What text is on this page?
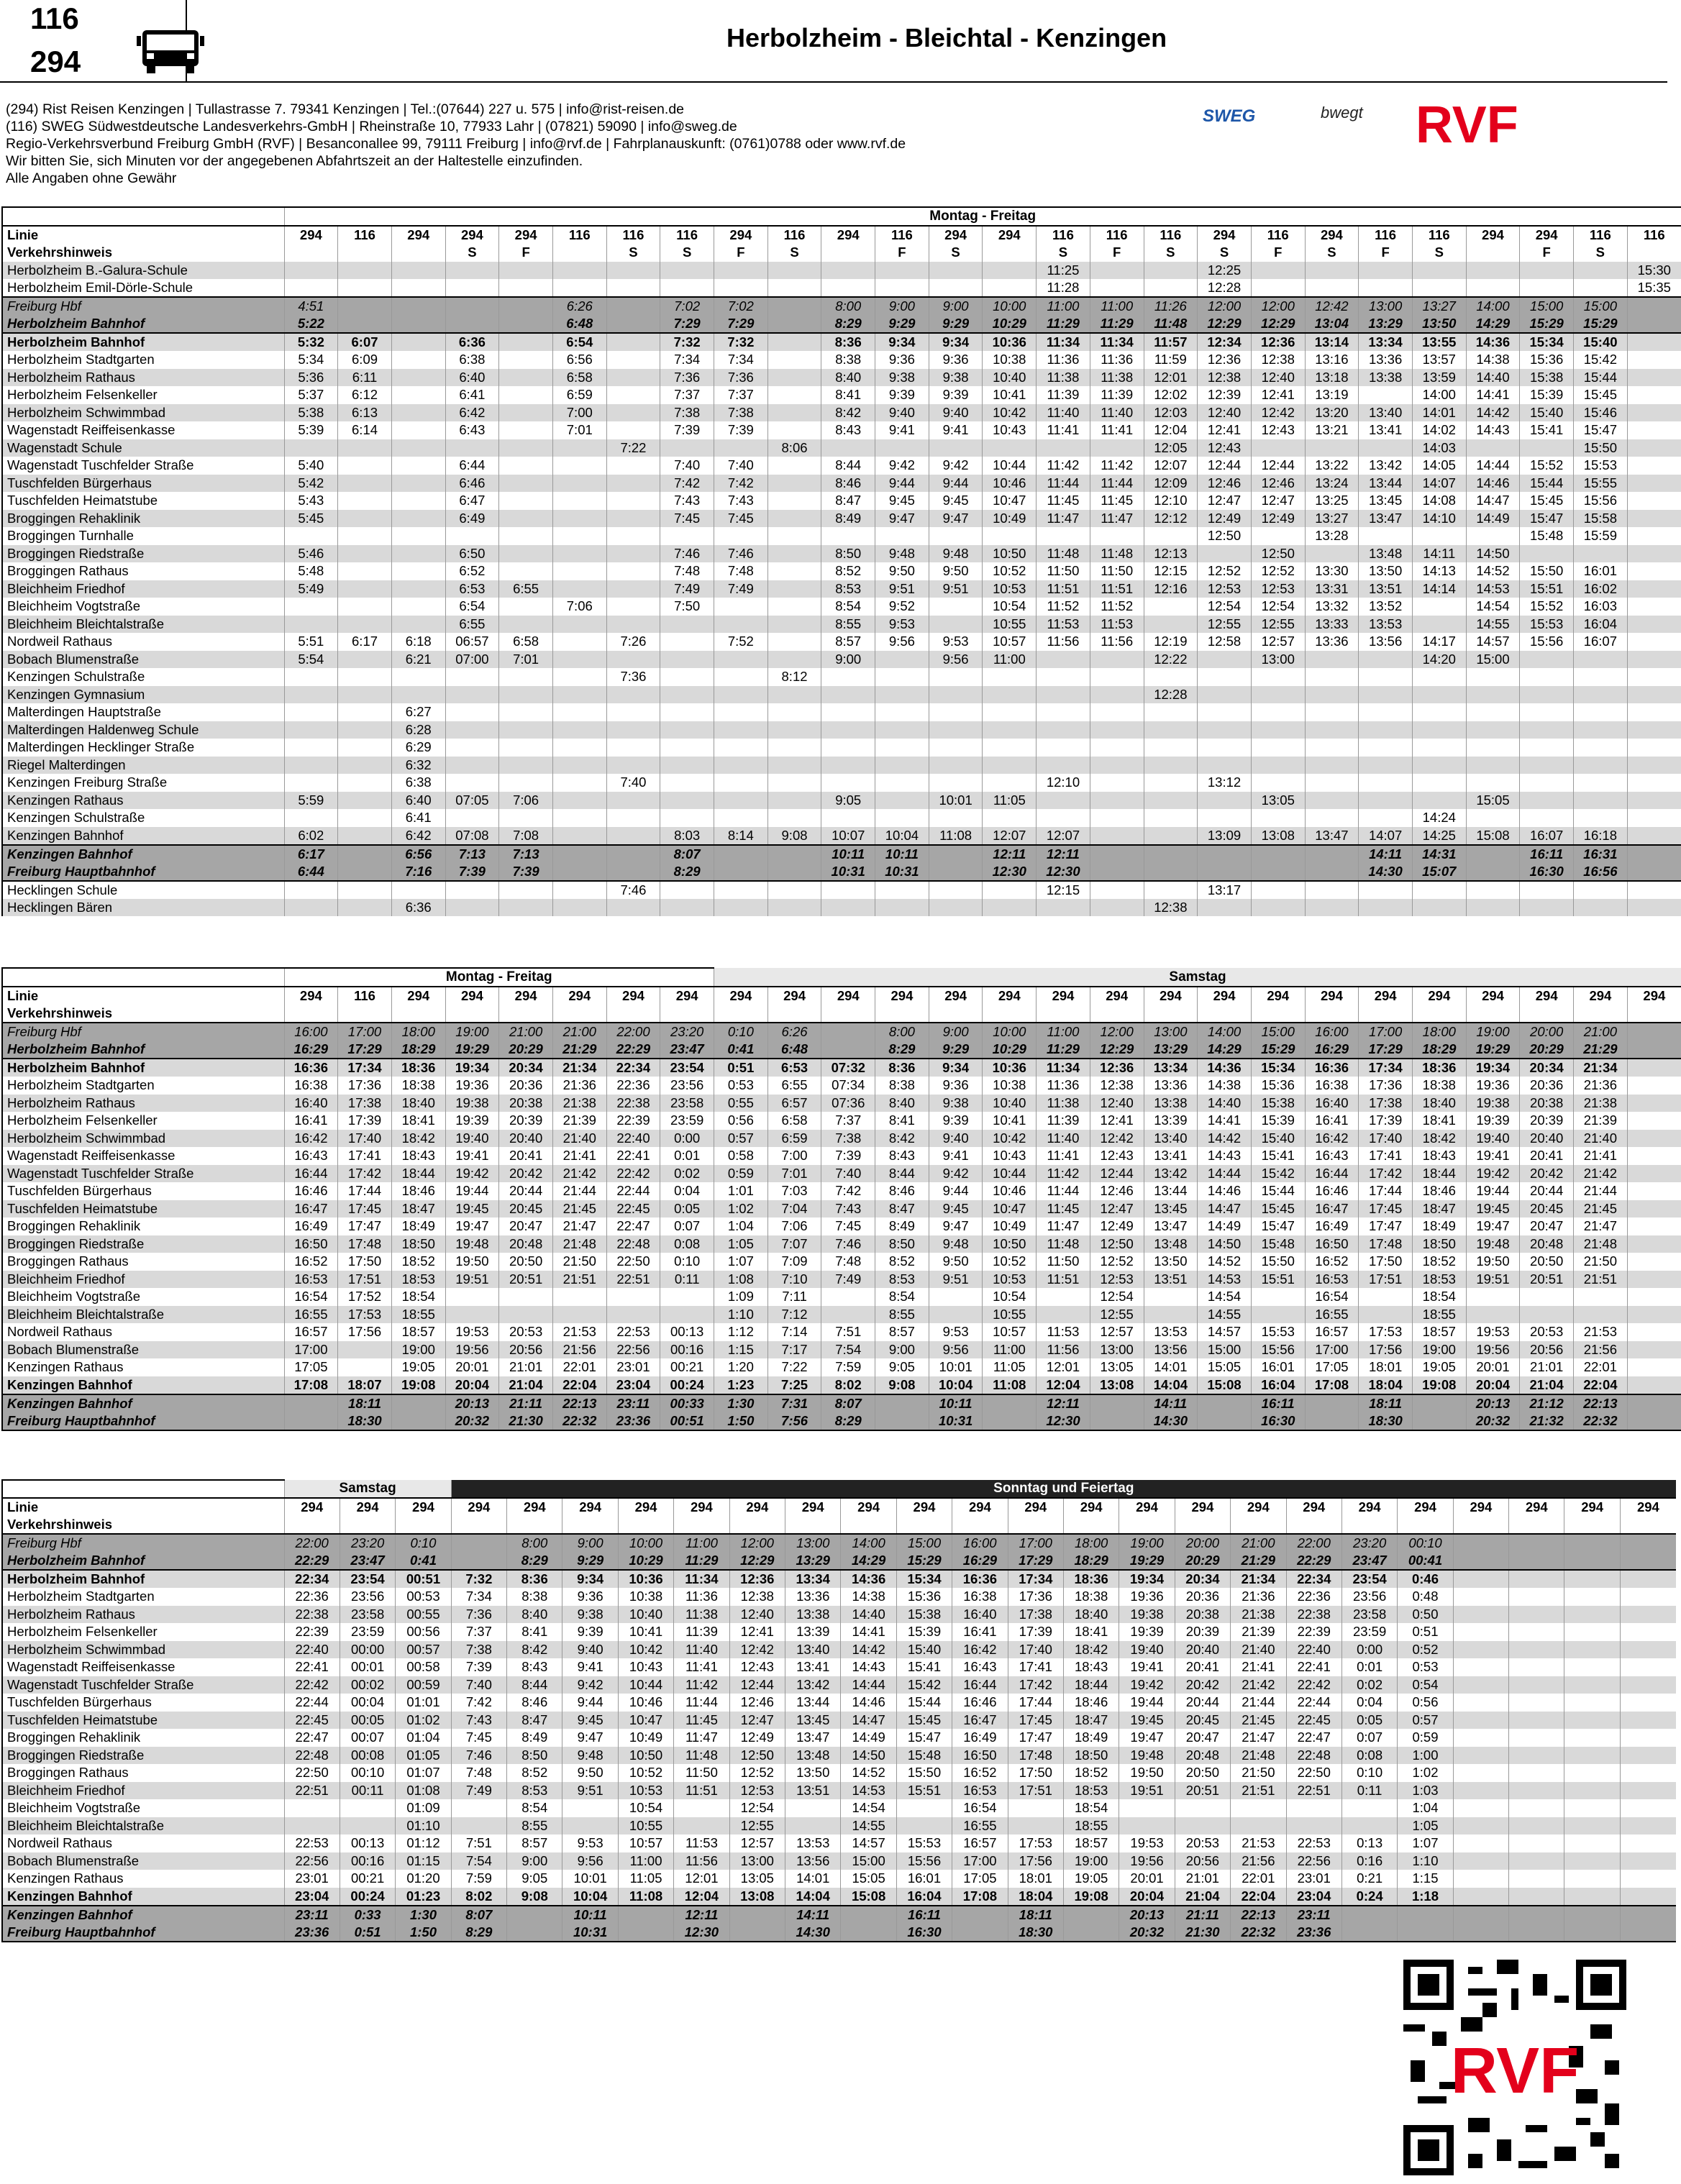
116
294
Herbolzheim - Bleichtal - Kenzingen
(294) Rist Reisen Kenzingen | Tullastrasse 7. 79341 Kenzingen | Tel.:(07644) 227 u. 575 | info@rist-reisen.de
(116) SWEG Südwestdeutsche Landesverkehrs-GmbH | Rheinstraße 10, 77933 Lahr | (07821) 59090 | info@sweg.de
Regio-Verkehrsverbund Freiburg GmbH (RVF) | Besanconallee 99, 79111 Freiburg | info@rvf.de | Fahrplanauskunft: (0761)0788 oder www.rvf.de
Wir bitten Sie, sich Minuten vor der angegebenen Abfahrtszeit an der Haltestelle einzufinden.
Alle Angaben ohne Gewähr
SWEG	bwegt RVF
	Montag - Freitag																									
Linie	294	116	294	294	294	116	116	116	294	116	294	116	294	294	116	116	116	294	116	294	116	116	294	294	116	116
Verkehrshinweis				S	F		S	S	F	S		F	S		S	F	S	S	F	S	F	S		F	S	
Herbolzheim B.-Galura-Schule																11:25			12:25								15:30
Herbolzheim Emil-Dörle-Schule																11:28			12:28								15:35
Freiburg Hbf		4:51					6:26		7:02	7:02		8:00	9:00	9:00	10:00	11:00	11:00	11:26	12:00	12:00	12:42	13:00	13:27	14:00	15:00	15:00	
Herbolzheim Bahnhof		5:22					6:48		7:29	7:29		8:29	9:29	9:29	10:29	11:29	11:29	11:48	12:29	12:29	13:04	13:29	13:50	14:29	15:29	15:29	
Herbolzheim Bahnhof		5:32	6:07		6:36		6:54		7:32	7:32		8:36	9:34	9:34	10:36	11:34	11:34	11:57	12:34	12:36	13:14	13:34	13:55	14:36	15:34	15:40	
Herbolzheim Stadtgarten		5:34	6:09		6:38		6:56		7:34	7:34		8:38	9:36	9:36	10:38	11:36	11:36	11:59	12:36	12:38	13:16	13:36	13:57	14:38	15:36	15:42	
Herbolzheim Rathaus		5:36	6:11		6:40		6:58		7:36	7:36		8:40	9:38	9:38	10:40	11:38	11:38	12:01	12:38	12:40	13:18	13:38	13:59	14:40	15:38	15:44	
Herbolzheim Felsenkeller		5:37	6:12		6:41		6:59		7:37	7:37		8:41	9:39	9:39	10:41	11:39	11:39	12:02	12:39	12:41	13:19		14:00	14:41	15:39	15:45	
Herbolzheim Schwimmbad		5:38	6:13		6:42		7:00		7:38	7:38		8:42	9:40	9:40	10:42	11:40	11:40	12:03	12:40	12:42	13:20	13:40	14:01	14:42	15:40	15:46	
Wagenstadt Reiffeisenkasse		5:39	6:14		6:43		7:01		7:39	7:39		8:43	9:41	9:41	10:43	11:41	11:41	12:04	12:41	12:43	13:21	13:41	14:02	14:43	15:41	15:47	
Wagenstadt Schule								7:22			8:06							12:05	12:43				14:03			15:50	
Wagenstadt Tuschfelder Straße		5:40			6:44				7:40	7:40		8:44	9:42	9:42	10:44	11:42	11:42	12:07	12:44	12:44	13:22	13:42	14:05	14:44	15:52	15:53	
Tuschfelden Bürgerhaus		5:42			6:46				7:42	7:42		8:46	9:44	9:44	10:46	11:44	11:44	12:09	12:46	12:46	13:24	13:44	14:07	14:46	15:44	15:55	
Tuschfelden Heimatstube		5:43			6:47				7:43	7:43		8:47	9:45	9:45	10:47	11:45	11:45	12:10	12:47	12:47	13:25	13:45	14:08	14:47	15:45	15:56	
Broggingen Rehaklinik		5:45			6:49				7:45	7:45		8:49	9:47	9:47	10:49	11:47	11:47	12:12	12:49	12:49	13:27	13:47	14:10	14:49	15:47	15:58	
Broggingen Turnhalle																			12:50		13:28				15:48	15:59	
Broggingen Riedstraße		5:46			6:50				7:46	7:46		8:50	9:48	9:48	10:50	11:48	11:48	12:13		12:50		13:48	14:11	14:50			
Broggingen Rathaus		5:48			6:52				7:48	7:48		8:52	9:50	9:50	10:52	11:50	11:50	12:15	12:52	12:52	13:30	13:50	14:13	14:52	15:50	16:01	
Bleichheim Friedhof		5:49			6:53	6:55			7:49	7:49		8:53	9:51	9:51	10:53	11:51	11:51	12:16	12:53	12:53	13:31	13:51	14:14	14:53	15:51	16:02	
Bleichheim Vogtstraße					6:54		7:06		7:50			8:54	9:52		10:54	11:52	11:52		12:54	12:54	13:32	13:52		14:54	15:52	16:03	
Bleichheim Bleichtalstraße					6:55							8:55	9:53		10:55	11:53	11:53		12:55	12:55	13:33	13:53		14:55	15:53	16:04	
Nordweil Rathaus		5:51	6:17	6:18	06:57	6:58		7:26		7:52		8:57	9:56	9:53	10:57	11:56	11:56	12:19	12:58	12:57	13:36	13:56	14:17	14:57	15:56	16:07	
Bobach Blumenstraße		5:54		6:21	07:00	7:01						9:00		9:56	11:00			12:22		13:00			14:20	15:00			
Kenzingen Schulstraße								7:36			8:12																
Kenzingen Gymnasium																		12:28									
Malterdingen Hauptstraße				6:27																							
Malterdingen Haldenweg Schule				6:28																							
Malterdingen Hecklinger Straße				6:29																							
Riegel Malterdingen				6:32																							
Kenzingen Freiburg Straße				6:38				7:40								12:10			13:12								
Kenzingen Rathaus		5:59		6:40	07:05	7:06						9:05		10:01	11:05					13:05				15:05			
Kenzingen Schulstraße				6:41																			14:24				
Kenzingen Bahnhof		6:02		6:42	07:08	7:08			8:03	8:14	9:08	10:07	10:04	11:08	12:07	12:07			13:09	13:08	13:47	14:07	14:25	15:08	16:07	16:18	
Kenzingen Bahnhof		6:17		6:56	7:13	7:13			8:07			10:11	10:11		12:11	12:11						14:11	14:31		16:11	16:31	
Freiburg Hauptbahnhof		6:44		7:16	7:39	7:39			8:29			10:31	10:31		12:30	12:30						14:30	15:07		16:30	16:56	
Hecklingen Schule								7:46								12:15			13:17								
Hecklingen Bären				6:36														12:38									
	Montag - Freitag								Samstag																	
Linie	294	116	294	294	294	294	294	294	294	294	294	294	294	294	294	294	294	294	294	294	294	294	294	294	294	294
Verkehrshinweis																										
Freiburg Hbf		16:00	17:00	18:00	19:00	21:00	21:00	22:00	23:20	0:10	6:26		8:00	9:00	10:00	11:00	12:00	13:00	14:00	15:00	16:00	17:00	18:00	19:00	20:00	21:00	
Herbolzheim Bahnhof		16:29	17:29	18:29	19:29	20:29	21:29	22:29	23:47	0:41	6:48		8:29	9:29	10:29	11:29	12:29	13:29	14:29	15:29	16:29	17:29	18:29	19:29	20:29	21:29	
Herbolzheim Bahnhof		16:36	17:34	18:36	19:34	20:34	21:34	22:34	23:54	0:51	6:53	07:32	8:36	9:34	10:36	11:34	12:36	13:34	14:36	15:34	16:36	17:34	18:36	19:34	20:34	21:34	
Herbolzheim Stadtgarten		16:38	17:36	18:38	19:36	20:36	21:36	22:36	23:56	0:53	6:55	07:34	8:38	9:36	10:38	11:36	12:38	13:36	14:38	15:36	16:38	17:36	18:38	19:36	20:36	21:36	
Herbolzheim Rathaus		16:40	17:38	18:40	19:38	20:38	21:38	22:38	23:58	0:55	6:57	07:36	8:40	9:38	10:40	11:38	12:40	13:38	14:40	15:38	16:40	17:38	18:40	19:38	20:38	21:38	
Herbolzheim Felsenkeller		16:41	17:39	18:41	19:39	20:39	21:39	22:39	23:59	0:56	6:58	7:37	8:41	9:39	10:41	11:39	12:41	13:39	14:41	15:39	16:41	17:39	18:41	19:39	20:39	21:39	
Herbolzheim Schwimmbad		16:42	17:40	18:42	19:40	20:40	21:40	22:40	0:00	0:57	6:59	7:38	8:42	9:40	10:42	11:40	12:42	13:40	14:42	15:40	16:42	17:40	18:42	19:40	20:40	21:40	
Wagenstadt Reiffeisenkasse		16:43	17:41	18:43	19:41	20:41	21:41	22:41	0:01	0:58	7:00	7:39	8:43	9:41	10:43	11:41	12:43	13:41	14:43	15:41	16:43	17:41	18:43	19:41	20:41	21:41	
Wagenstadt Tuschfelder Straße		16:44	17:42	18:44	19:42	20:42	21:42	22:42	0:02	0:59	7:01	7:40	8:44	9:42	10:44	11:42	12:44	13:42	14:44	15:42	16:44	17:42	18:44	19:42	20:42	21:42	
Tuschfelden Bürgerhaus		16:46	17:44	18:46	19:44	20:44	21:44	22:44	0:04	1:01	7:03	7:42	8:46	9:44	10:46	11:44	12:46	13:44	14:46	15:44	16:46	17:44	18:46	19:44	20:44	21:44	
Tuschfelden Heimatstube		16:47	17:45	18:47	19:45	20:45	21:45	22:45	0:05	1:02	7:04	7:43	8:47	9:45	10:47	11:45	12:47	13:45	14:47	15:45	16:47	17:45	18:47	19:45	20:45	21:45	
Broggingen Rehaklinik		16:49	17:47	18:49	19:47	20:47	21:47	22:47	0:07	1:04	7:06	7:45	8:49	9:47	10:49	11:47	12:49	13:47	14:49	15:47	16:49	17:47	18:49	19:47	20:47	21:47	
Broggingen Riedstraße		16:50	17:48	18:50	19:48	20:48	21:48	22:48	0:08	1:05	7:07	7:46	8:50	9:48	10:50	11:48	12:50	13:48	14:50	15:48	16:50	17:48	18:50	19:48	20:48	21:48	
Broggingen Rathaus		16:52	17:50	18:52	19:50	20:50	21:50	22:50	0:10	1:07	7:09	7:48	8:52	9:50	10:52	11:50	12:52	13:50	14:52	15:50	16:52	17:50	18:52	19:50	20:50	21:50	
Bleichheim Friedhof		16:53	17:51	18:53	19:51	20:51	21:51	22:51	0:11	1:08	7:10	7:49	8:53	9:51	10:53	11:51	12:53	13:51	14:53	15:51	16:53	17:51	18:53	19:51	20:51	21:51	
Bleichheim Vogtstraße		16:54	17:52	18:54						1:09	7:11		8:54		10:54		12:54		14:54		16:54		18:54				
Bleichheim Bleichtalstraße		16:55	17:53	18:55						1:10	7:12		8:55		10:55		12:55		14:55		16:55		18:55				
Nordweil Rathaus		16:57	17:56	18:57	19:53	20:53	21:53	22:53	00:13	1:12	7:14	7:51	8:57	9:53	10:57	11:53	12:57	13:53	14:57	15:53	16:57	17:53	18:57	19:53	20:53	21:53	
Bobach Blumenstraße		17:00		19:00	19:56	20:56	21:56	22:56	00:16	1:15	7:17	7:54	9:00	9:56	11:00	11:56	13:00	13:56	15:00	15:56	17:00	17:56	19:00	19:56	20:56	21:56	
Kenzingen Rathaus		17:05		19:05	20:01	21:01	22:01	23:01	00:21	1:20	7:22	7:59	9:05	10:01	11:05	12:01	13:05	14:01	15:05	16:01	17:05	18:01	19:05	20:01	21:01	22:01	
Kenzingen Bahnhof		17:08	18:07	19:08	20:04	21:04	22:04	23:04	00:24	1:23	7:25	8:02	9:08	10:04	11:08	12:04	13:08	14:04	15:08	16:04	17:08	18:04	19:08	20:04	21:04	22:04	
Kenzingen Bahnhof			18:11		20:13	21:11	22:13	23:11	00:33	1:30	7:31	8:07		10:11		12:11		14:11		16:11		18:11		20:13	21:12	22:13	
Freiburg Hauptbahnhof			18:30		20:32	21:30	22:32	23:36	00:51	1:50	7:56	8:29		10:31		12:30		14:30		16:30		18:30		20:32	21:32	22:32	
	Samstag			Sonntag und Feiertag																					
Linie	294	294	294	294	294	294	294	294	294	294	294	294	294	294	294	294	294	294	294	294	294	294	294	294	294
Verkehrshinweis																									
Freiburg Hbf		22:00	23:20	0:10		8:00	9:00	10:00	11:00	12:00	13:00	14:00	15:00	16:00	17:00	18:00	19:00	20:00	21:00	22:00	23:20	00:10				
Herbolzheim Bahnhof		22:29	23:47	0:41		8:29	9:29	10:29	11:29	12:29	13:29	14:29	15:29	16:29	17:29	18:29	19:29	20:29	21:29	22:29	23:47	00:41				
Herbolzheim Bahnhof		22:34	23:54	00:51	7:32	8:36	9:34	10:36	11:34	12:36	13:34	14:36	15:34	16:36	17:34	18:36	19:34	20:34	21:34	22:34	23:54	0:46				
Herbolzheim Stadtgarten		22:36	23:56	00:53	7:34	8:38	9:36	10:38	11:36	12:38	13:36	14:38	15:36	16:38	17:36	18:38	19:36	20:36	21:36	22:36	23:56	0:48				
Herbolzheim Rathaus		22:38	23:58	00:55	7:36	8:40	9:38	10:40	11:38	12:40	13:38	14:40	15:38	16:40	17:38	18:40	19:38	20:38	21:38	22:38	23:58	0:50				
Herbolzheim Felsenkeller		22:39	23:59	00:56	7:37	8:41	9:39	10:41	11:39	12:41	13:39	14:41	15:39	16:41	17:39	18:41	19:39	20:39	21:39	22:39	23:59	0:51				
Herbolzheim Schwimmbad		22:40	00:00	00:57	7:38	8:42	9:40	10:42	11:40	12:42	13:40	14:42	15:40	16:42	17:40	18:42	19:40	20:40	21:40	22:40	0:00	0:52				
Wagenstadt Reiffeisenkasse		22:41	00:01	00:58	7:39	8:43	9:41	10:43	11:41	12:43	13:41	14:43	15:41	16:43	17:41	18:43	19:41	20:41	21:41	22:41	0:01	0:53				
Wagenstadt Tuschfelder Straße		22:42	00:02	00:59	7:40	8:44	9:42	10:44	11:42	12:44	13:42	14:44	15:42	16:44	17:42	18:44	19:42	20:42	21:42	22:42	0:02	0:54				
Tuschfelden Bürgerhaus		22:44	00:04	01:01	7:42	8:46	9:44	10:46	11:44	12:46	13:44	14:46	15:44	16:46	17:44	18:46	19:44	20:44	21:44	22:44	0:04	0:56				
Tuschfelden Heimatstube		22:45	00:05	01:02	7:43	8:47	9:45	10:47	11:45	12:47	13:45	14:47	15:45	16:47	17:45	18:47	19:45	20:45	21:45	22:45	0:05	0:57				
Broggingen Rehaklinik		22:47	00:07	01:04	7:45	8:49	9:47	10:49	11:47	12:49	13:47	14:49	15:47	16:49	17:47	18:49	19:47	20:47	21:47	22:47	0:07	0:59				
Broggingen Riedstraße		22:48	00:08	01:05	7:46	8:50	9:48	10:50	11:48	12:50	13:48	14:50	15:48	16:50	17:48	18:50	19:48	20:48	21:48	22:48	0:08	1:00				
Broggingen Rathaus		22:50	00:10	01:07	7:48	8:52	9:50	10:52	11:50	12:52	13:50	14:52	15:50	16:52	17:50	18:52	19:50	20:50	21:50	22:50	0:10	1:02				
Bleichheim Friedhof		22:51	00:11	01:08	7:49	8:53	9:51	10:53	11:51	12:53	13:51	14:53	15:51	16:53	17:51	18:53	19:51	20:51	21:51	22:51	0:11	1:03				
Bleichheim Vogtstraße				01:09		8:54		10:54		12:54		14:54		16:54		18:54						1:04				
Bleichheim Bleichtalstraße				01:10		8:55		10:55		12:55		14:55		16:55		18:55						1:05				
Nordweil Rathaus		22:53	00:13	01:12	7:51	8:57	9:53	10:57	11:53	12:57	13:53	14:57	15:53	16:57	17:53	18:57	19:53	20:53	21:53	22:53	0:13	1:07				
Bobach Blumenstraße		22:56	00:16	01:15	7:54	9:00	9:56	11:00	11:56	13:00	13:56	15:00	15:56	17:00	17:56	19:00	19:56	20:56	21:56	22:56	0:16	1:10				
Kenzingen Rathaus		23:01	00:21	01:20	7:59	9:05	10:01	11:05	12:01	13:05	14:01	15:05	16:01	17:05	18:01	19:05	20:01	21:01	22:01	23:01	0:21	1:15				
Kenzingen Bahnhof		23:04	00:24	01:23	8:02	9:08	10:04	11:08	12:04	13:08	14:04	15:08	16:04	17:08	18:04	19:08	20:04	21:04	22:04	23:04	0:24	1:18				
Kenzingen Bahnhof		23:11	0:33	1:30	8:07		10:11		12:11		14:11		16:11		18:11		20:13	21:11	22:13	23:11						
Freiburg Hauptbahnhof		23:36	0:51	1:50	8:29		10:31		12:30		14:30		16:30		18:30		20:32	21:30	22:32	23:36						
RVF
